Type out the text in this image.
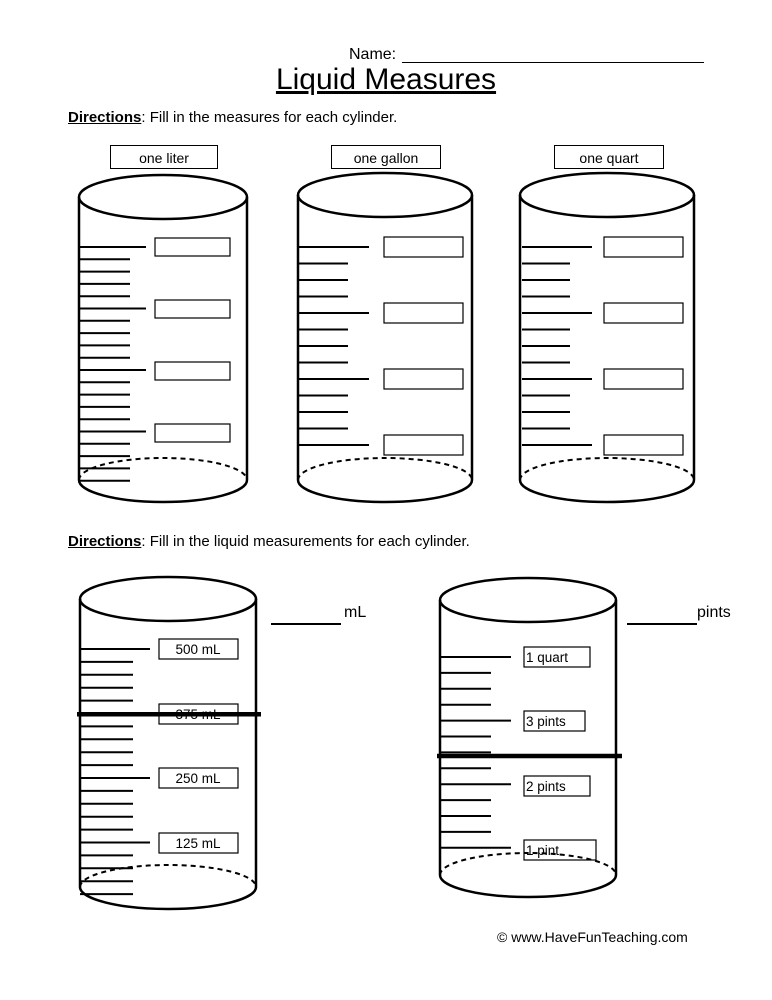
Name:
Liquid Measures
Directions: Fill in the measures for each cylinder.
one liter	one gallon	one quart
Directions: Fill in the liquid measurements for each cylinder.
mL	pints
© www.HaveFunTeaching.com
500 mL
375 mL
250 mL
125 mL
1 quart
3 pints
2 pints
1 pint
